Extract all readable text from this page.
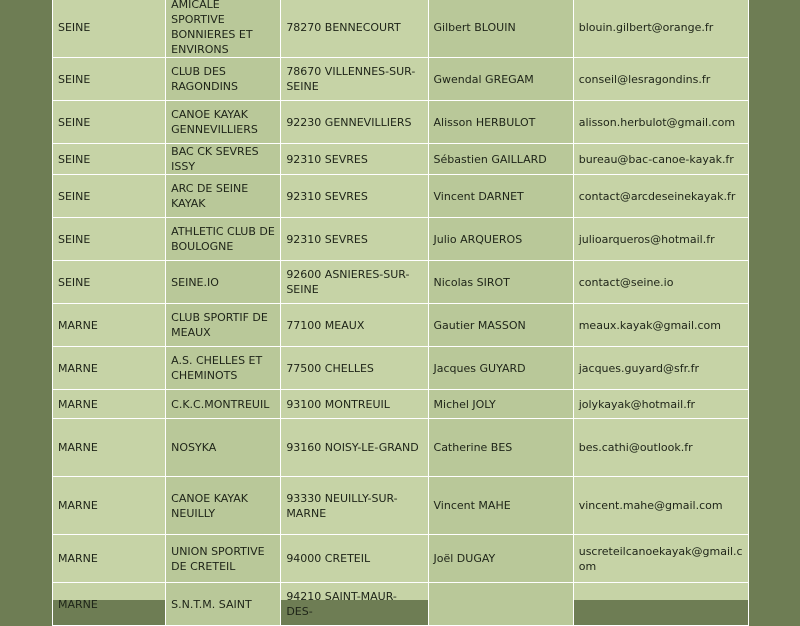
SEINE	AMICALE SPORTIVE BONNIERES ET ENVIRONS	78270 BENNECOURT	Gilbert BLOUIN	blouin.gilbert@orange.fr
SEINE	CLUB DES RAGONDINS	78670 VILLENNES-SUR-SEINE	Gwendal GREGAM	conseil@lesragondins.fr
SEINE	CANOE KAYAK GENNEVILLIERS	92230 GENNEVILLIERS	Alisson HERBULOT	alisson.herbulot@gmail.com
SEINE	BAC CK SEVRES ISSY	92310 SEVRES	Sébastien GAILLARD	bureau@bac-canoe-kayak.fr
SEINE	ARC DE SEINE KAYAK	92310 SEVRES	Vincent DARNET	contact@arcdeseinekayak.fr
SEINE	ATHLETIC CLUB DE BOULOGNE	92310 SEVRES	Julio ARQUEROS	julioarqueros@hotmail.fr
SEINE	SEINE.IO	92600 ASNIERES-SUR-SEINE	Nicolas SIROT	contact@seine.io
MARNE	CLUB SPORTIF DE MEAUX	77100 MEAUX	Gautier MASSON	meaux.kayak@gmail.com
MARNE	A.S. CHELLES ET CHEMINOTS	77500 CHELLES	Jacques GUYARD	jacques.guyard@sfr.fr
MARNE	C.K.C.MONTREUIL	93100 MONTREUIL	Michel JOLY	jolykayak@hotmail.fr
MARNE	NOSYKA	93160 NOISY-LE-GRAND	Catherine BES	bes.cathi@outlook.fr
MARNE	CANOE KAYAK NEUILLY	93330 NEUILLY-SUR-MARNE	Vincent MAHE	vincent.mahe@gmail.com
MARNE	UNION SPORTIVE DE CRETEIL	94000 CRETEIL	Joël DUGAY	uscreteilcanoekayak@gmail.com
MARNE	S.N.T.M. SAINT	94210 SAINT-MAUR-DES-		
